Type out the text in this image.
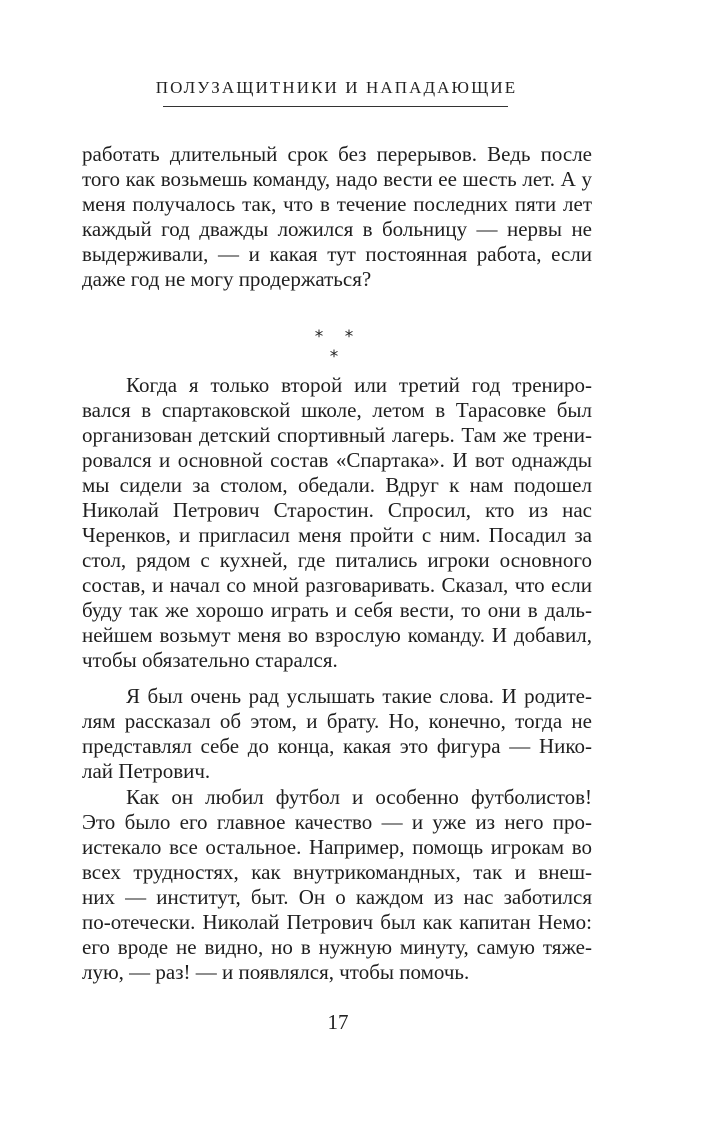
ПОЛУЗАЩИТНИКИ И НАПАДАЮЩИЕ
работать длительный срок без перерывов. Ведь после
того как возьмешь команду, надо вести ее шесть лет. А у
меня получалось так, что в течение последних пяти лет
каждый год дважды ложился в больницу — нервы не
выдерживали, — и какая тут постоянная работа, если
даже год не могу продержаться?
* * *
Когда я только второй или третий год трениро-
вался в спартаковской школе, летом в Тарасовке был
организован детский спортивный лагерь. Там же трени-
ровался и основной состав «Спартака». И вот однажды
мы сидели за столом, обедали. Вдруг к нам подошел
Николай Петрович Старостин. Спросил, кто из нас
Черенков, и пригласил меня пройти с ним. Посадил за
стол, рядом с кухней, где питались игроки основного
состав, и начал со мной разговаривать. Сказал, что если
буду так же хорошо играть и себя вести, то они в даль-
нейшем возьмут меня во взрослую команду. И добавил,
чтобы обязательно старался.
Я был очень рад услышать такие слова. И родите-
лям рассказал об этом, и брату. Но, конечно, тогда не
представлял себе до конца, какая это фигура — Нико-
лай Петрович.
Как он любил футбол и особенно футболистов!
Это было его главное качество — и уже из него про-
истекало все остальное. Например, помощь игрокам во
всех трудностях, как внутрикомандных, так и внеш-
них — институт, быт. Он о каждом из нас заботился
по-отечески. Николай Петрович был как капитан Немо:
его вроде не видно, но в нужную минуту, самую тяже-
лую, — раз! — и появлялся, чтобы помочь.
17
